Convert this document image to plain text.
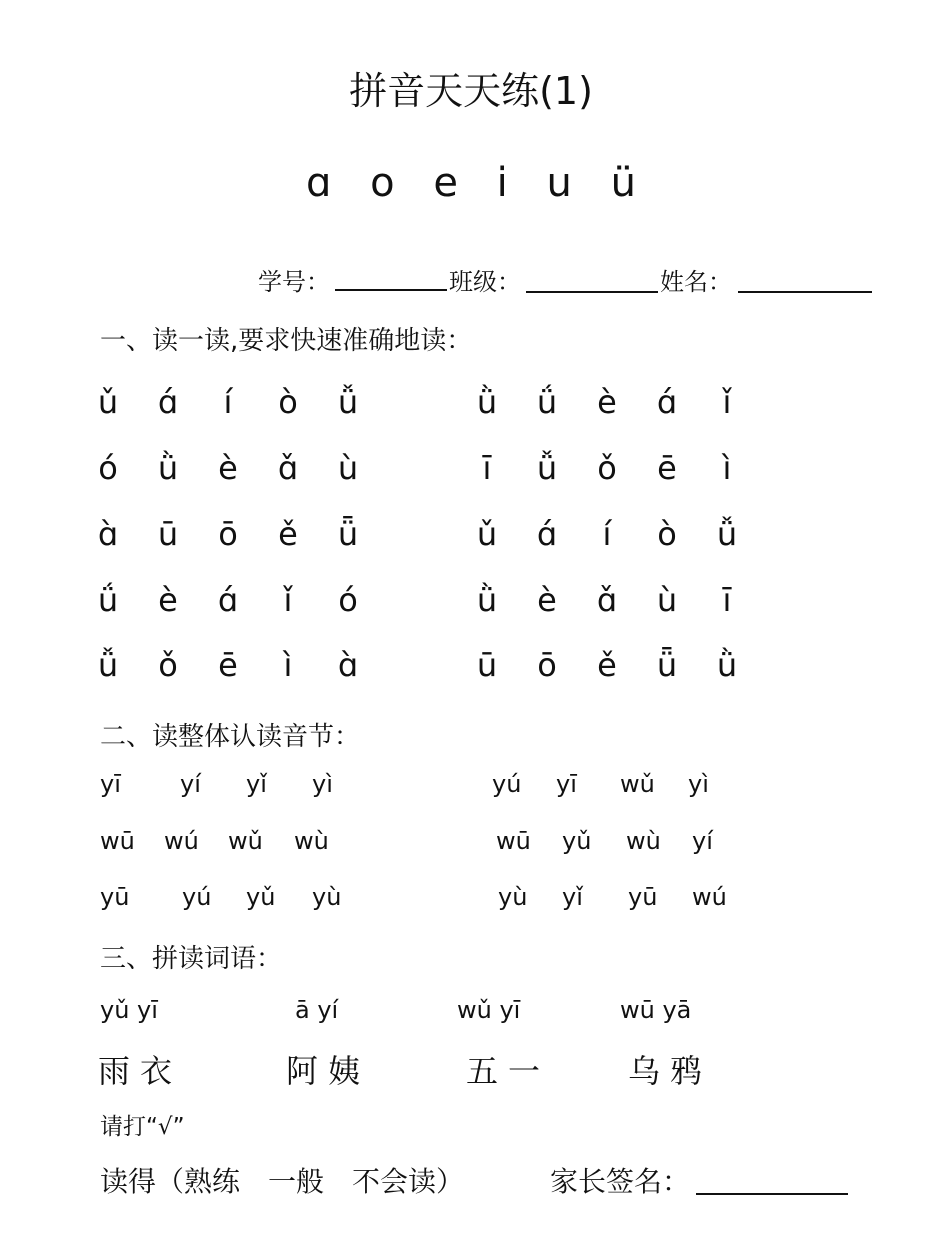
拼音天天练(1)
ɑ o e i u ü
学号：	班级：	姓名：
一、读一读,要求快速准确地读：
ǔ	ɑ́	í	ò	ǚ	ǜ	ǘ	è	ɑ́	ǐ
ó	ǜ	è	ɑ̌	ù	ī	ǚ	ǒ	ē	ì
ɑ̀	ū	ō	ě	ǖ	ǔ	ɑ́	í	ò	ǚ
ǘ	è	ɑ́	ǐ	ó	ǜ	è	ɑ̌	ù	ī
ǚ	ǒ	ē	ì	ɑ̀	ū	ō	ě	ǖ	ǜ
二、读整体认读音节：
yī yí yǐ yì	yú yī wǔ yì
wū wú wǔ wù	wū yǔ wù yí
yū yú yǔ yù	yù yǐ yū wú
三、拼读词语：
yǔ yī	ā yí	wǔ yī	wū yā
雨衣	阿姨	五一 乌鸦
请打“√”
读得（熟练　一般　不会读）	家长签名：
